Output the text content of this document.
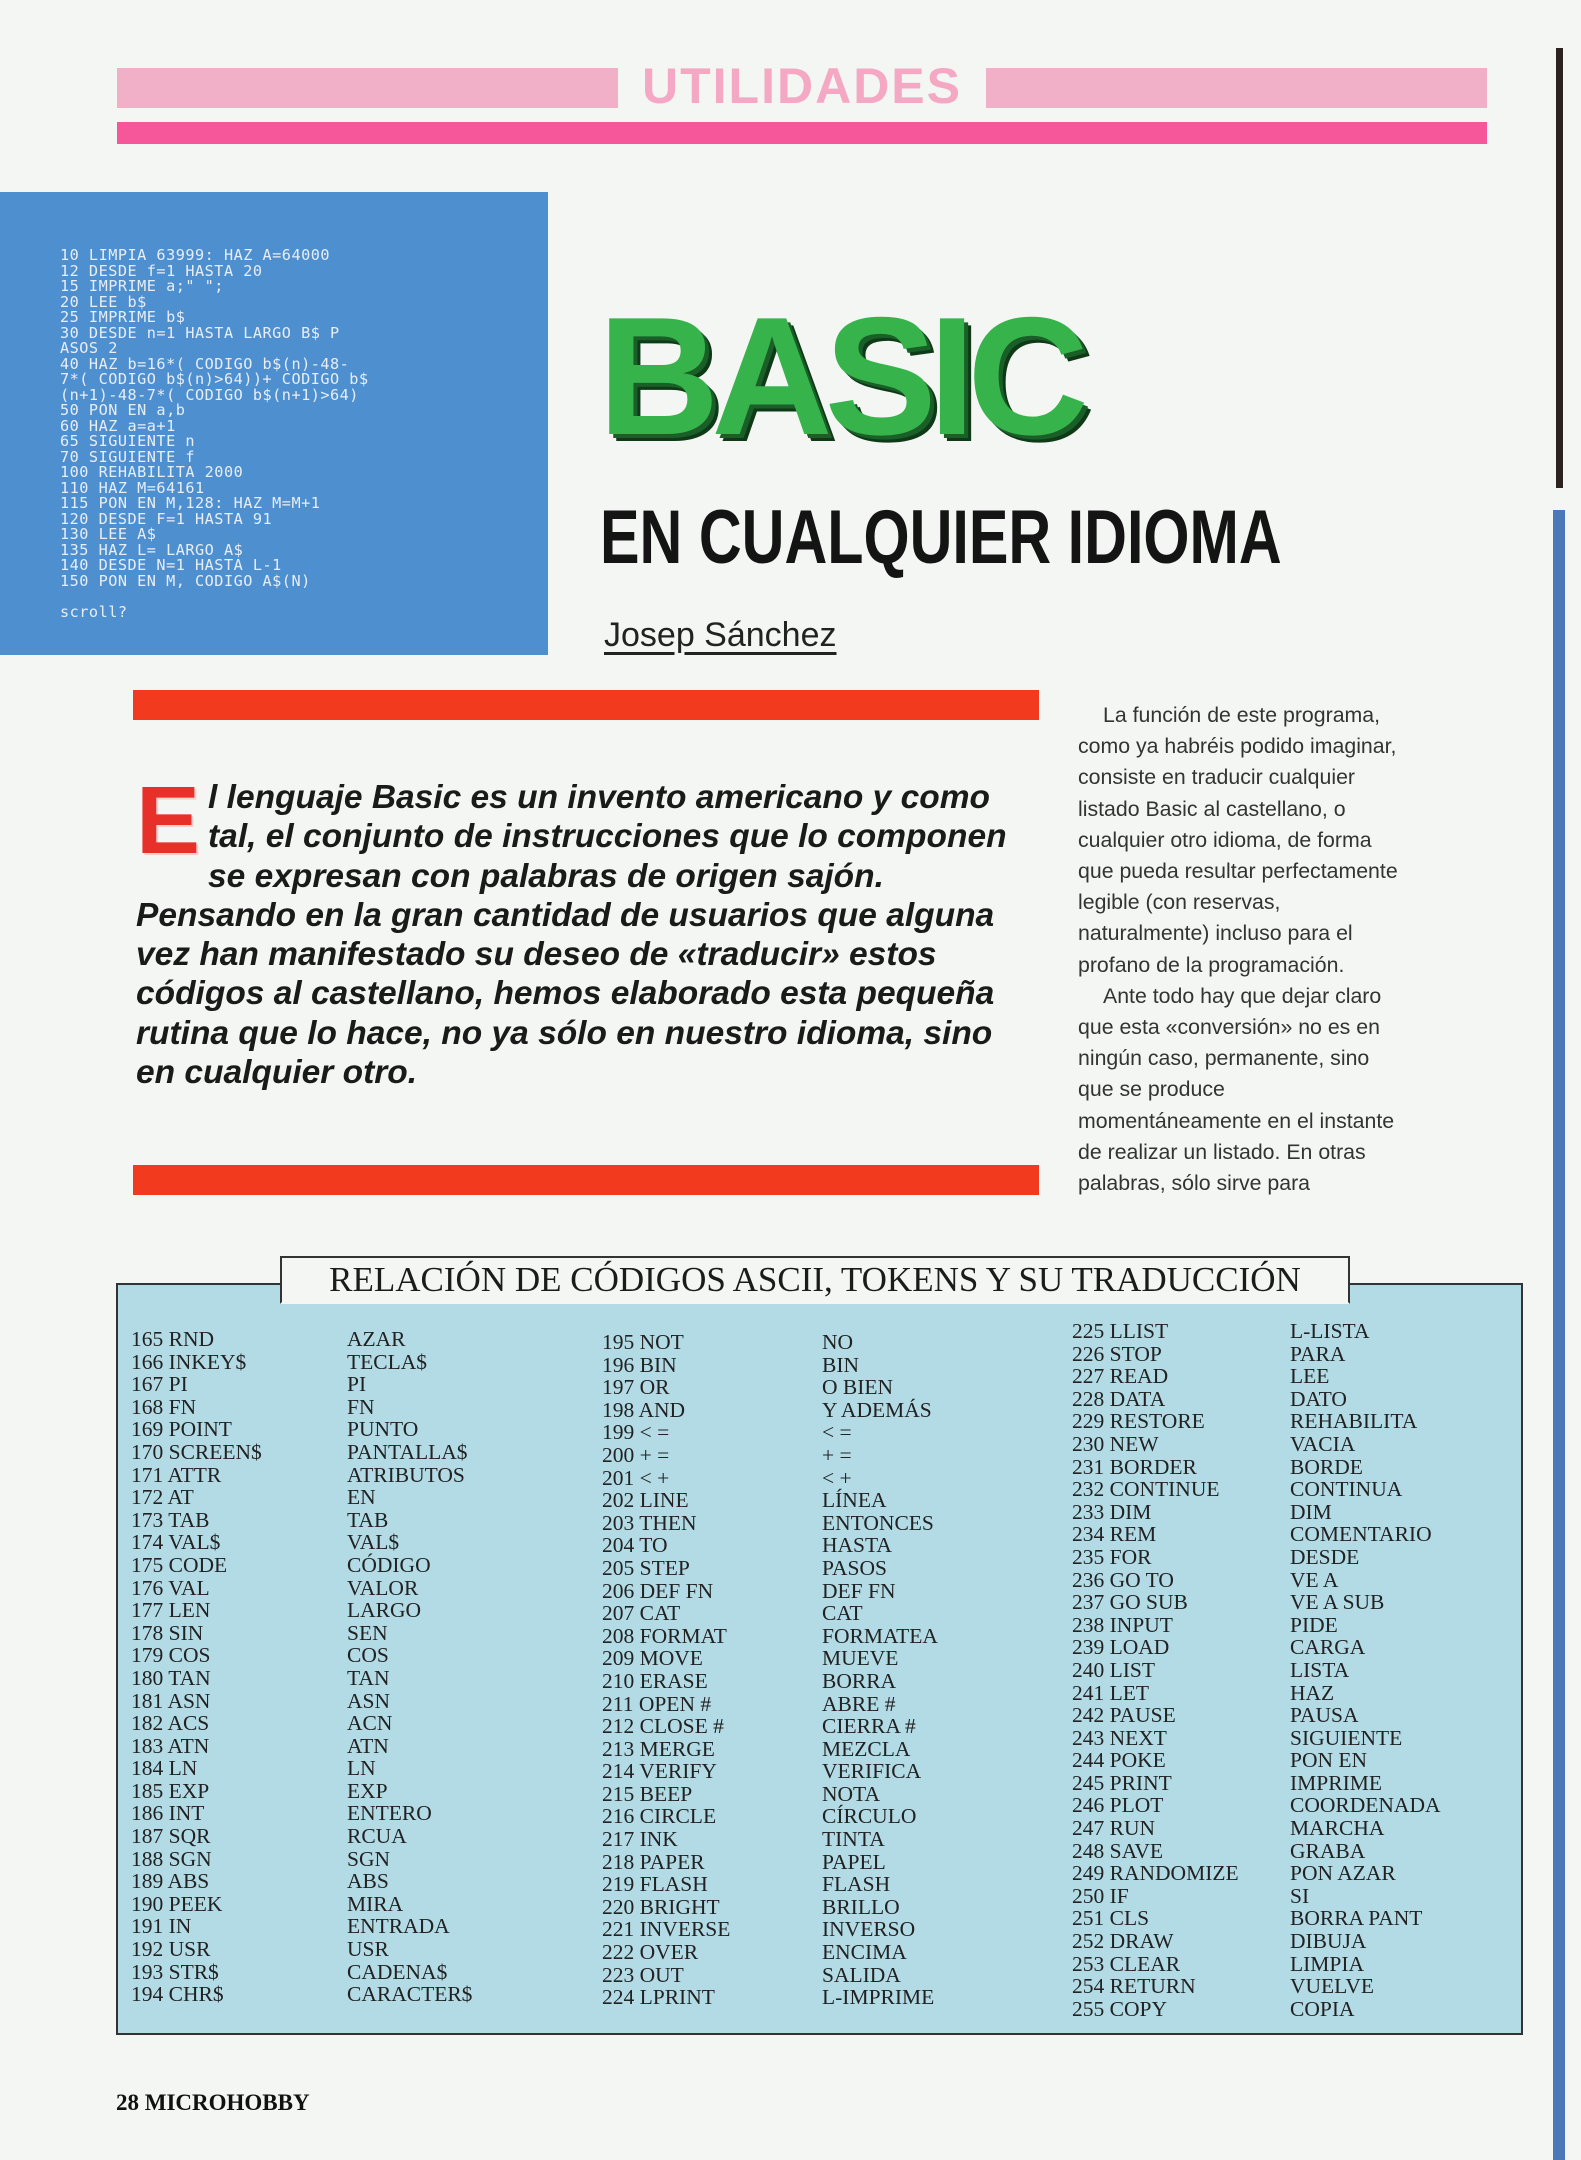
UTILIDADES
10 LIMPIA 63999: HAZ A=64000
12 DESDE f=1 HASTA 20
15 IMPRIME a;" ";
20 LEE b$
25 IMPRIME b$
30 DESDE n=1 HASTA LARGO B$ P
ASOS 2
40 HAZ b=16*( CODIGO b$(n)-48-
7*( CODIGO b$(n)>64))+ CODIGO b$
(n+1)-48-7*( CODIGO b$(n+1)>64)
50 PON EN a,b
60 HAZ a=a+1
65 SIGUIENTE n
70 SIGUIENTE f
100 REHABILITA 2000
110 HAZ M=64161
115 PON EN M,128: HAZ M=M+1
120 DESDE F=1 HASTA 91
130 LEE A$
135 HAZ L= LARGO A$
140 DESDE N=1 HASTA L-1
150 PON EN M, CODIGO A$(N)

scroll?
BASIC
EN CUALQUIER IDIOMA
Josep Sánchez

El lenguaje Basic es un invento americano y como tal, el conjunto de instrucciones que lo componen se expresan con palabras de origen sajón. Pensando en la gran cantidad de usuarios que alguna vez han manifestado su deseo de «traducir» estos códigos al castellano, hemos elaborado esta pequeña rutina que lo hace, no ya sólo en nuestro idioma, sino en cualquier otro.

La función de este programa,
como ya habréis podido imaginar,
consiste en traducir cualquier
listado Basic al castellano, o
cualquier otro idioma, de forma
que pueda resultar perfectamente
legible (con reservas,
naturalmente) incluso para el
profano de la programación.

Ante todo hay que dejar claro
que esta «conversión» no es en
ningún caso, permanente, sino
que se produce
momentáneamente en el instante
de realizar un listado. En otras
palabras, sólo sirve para

RELACIÓN DE CÓDIGOS ASCII, TOKENS Y SU TRADUCCIÓN
165 RND
166 INKEY$
167 PI
168 FN
169 POINT
170 SCREEN$
171 ATTR
172 AT
173 TAB
174 VAL$
175 CODE
176 VAL
177 LEN
178 SIN
179 COS
180 TAN
181 ASN
182 ACS
183 ATN
184 LN
185 EXP
186 INT
187 SQR
188 SGN
189 ABS
190 PEEK
191 IN
192 USR
193 STR$
194 CHR$
AZAR
TECLA$
PI
FN
PUNTO
PANTALLA$
ATRIBUTOS
EN
TAB
VAL$
CÓDIGO
VALOR
LARGO
SEN
COS
TAN
ASN
ACN
ATN
LN
EXP
ENTERO
RCUA
SGN
ABS
MIRA
ENTRADA
USR
CADENA$
CARACTER$
195 NOT
196 BIN
197 OR
198 AND
199 < =
200 + =
201 < +
202 LINE
203 THEN
204 TO
205 STEP
206 DEF FN
207 CAT
208 FORMAT
209 MOVE
210 ERASE
211 OPEN #
212 CLOSE #
213 MERGE
214 VERIFY
215 BEEP
216 CIRCLE
217 INK
218 PAPER
219 FLASH
220 BRIGHT
221 INVERSE
222 OVER
223 OUT
224 LPRINT
NO
BIN
O BIEN
Y ADEMÁS
< =
+ =
< +
LÍNEA
ENTONCES
HASTA
PASOS
DEF FN
CAT
FORMATEA
MUEVE
BORRA
ABRE #
CIERRA #
MEZCLA
VERIFICA
NOTA
CÍRCULO
TINTA
PAPEL
FLASH
BRILLO
INVERSO
ENCIMA
SALIDA
L-IMPRIME
225 LLIST
226 STOP
227 READ
228 DATA
229 RESTORE
230 NEW
231 BORDER
232 CONTINUE
233 DIM
234 REM
235 FOR
236 GO TO
237 GO SUB
238 INPUT
239 LOAD
240 LIST
241 LET
242 PAUSE
243 NEXT
244 POKE
245 PRINT
246 PLOT
247 RUN
248 SAVE
249 RANDOMIZE
250 IF
251 CLS
252 DRAW
253 CLEAR
254 RETURN
255 COPY
L-LISTA
PARA
LEE
DATO
REHABILITA
VACIA
BORDE
CONTINUA
DIM
COMENTARIO
DESDE
VE A
VE A SUB
PIDE
CARGA
LISTA
HAZ
PAUSA
SIGUIENTE
PON EN
IMPRIME
COORDENADA
MARCHA
GRABA
PON AZAR
SI
BORRA PANT
DIBUJA
LIMPIA
VUELVE
COPIA
28 MICROHOBBY
